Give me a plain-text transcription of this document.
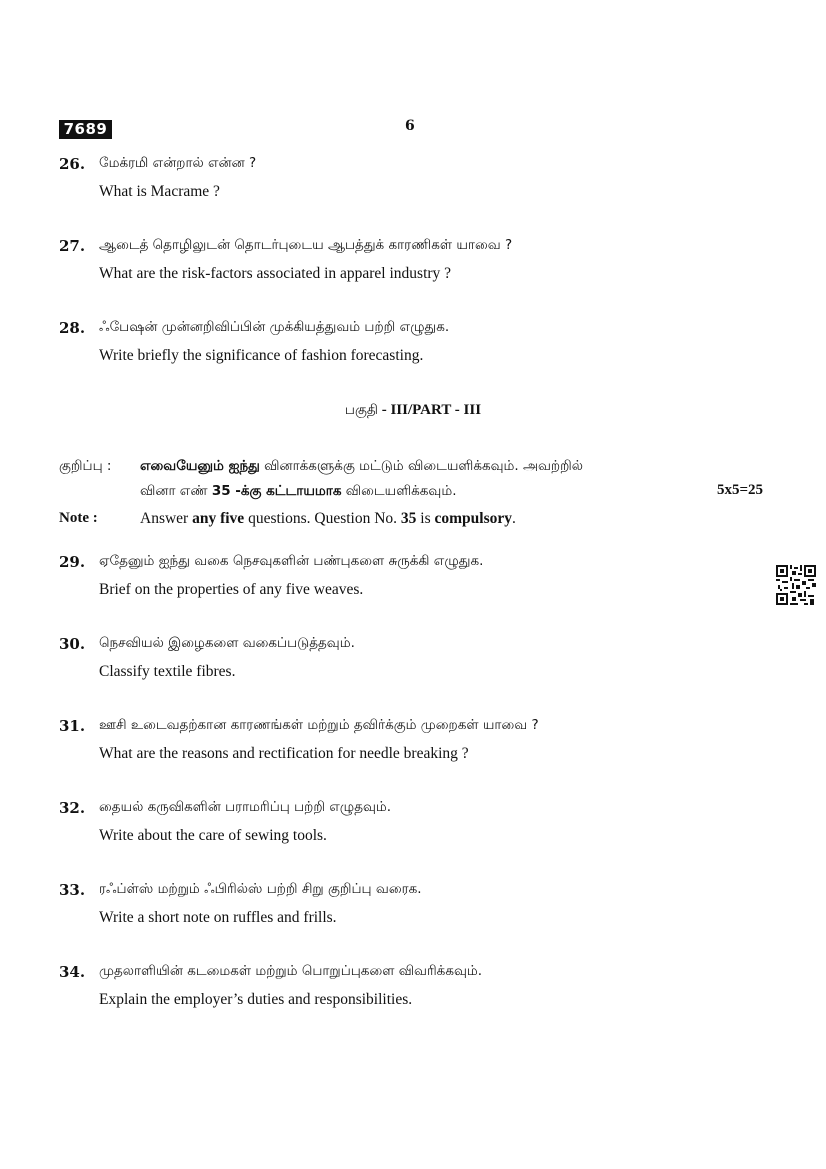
7689	6
26. மேக்ரமி என்றால் என்ன ?
What is Macrame ?
27. ஆடைத் தொழிலுடன் தொடர்புடைய ஆபத்துக் காரணிகள் யாவை ?
What are the risk-factors associated in apparel industry ?
28. ஃபேஷன் முன்னறிவிப்பின் முக்கியத்துவம் பற்றி எழுதுக.
Write briefly the significance of fashion forecasting.
பகுதி - III/PART - III
குறிப்பு : எவையேனும் ஐந்து வினாக்களுக்கு மட்டும் விடையளிக்கவும். அவற்றில்
வினா எண் 35 -க்கு கட்டாயமாக விடையளிக்கவும்.	5x5=25
Note :	Answer any five questions. Question No. 35 is compulsory.
29. ஏதேனும் ஐந்து வகை நெசவுகளின் பண்புகளை சுருக்கி எழுதுக.
Brief on the properties of any five weaves.
30. நெசவியல் இழைகளை வகைப்படுத்தவும்.
Classify textile fibres.
31. ஊசி உடைவதற்கான காரணங்கள் மற்றும் தவிர்க்கும் முறைகள் யாவை ?
What are the reasons and rectification for needle breaking ?
32. தையல் கருவிகளின் பராமரிப்பு பற்றி எழுதவும்.
Write about the care of sewing tools.
33. ரஃப்ள்ஸ் மற்றும் ஃபிரில்ஸ் பற்றி சிறு குறிப்பு வரைக.
Write a short note on ruffles and frills.
34. முதலாளியின் கடமைகள் மற்றும் பொறுப்புகளை விவரிக்கவும்.
Explain the employer’s duties and responsibilities.
